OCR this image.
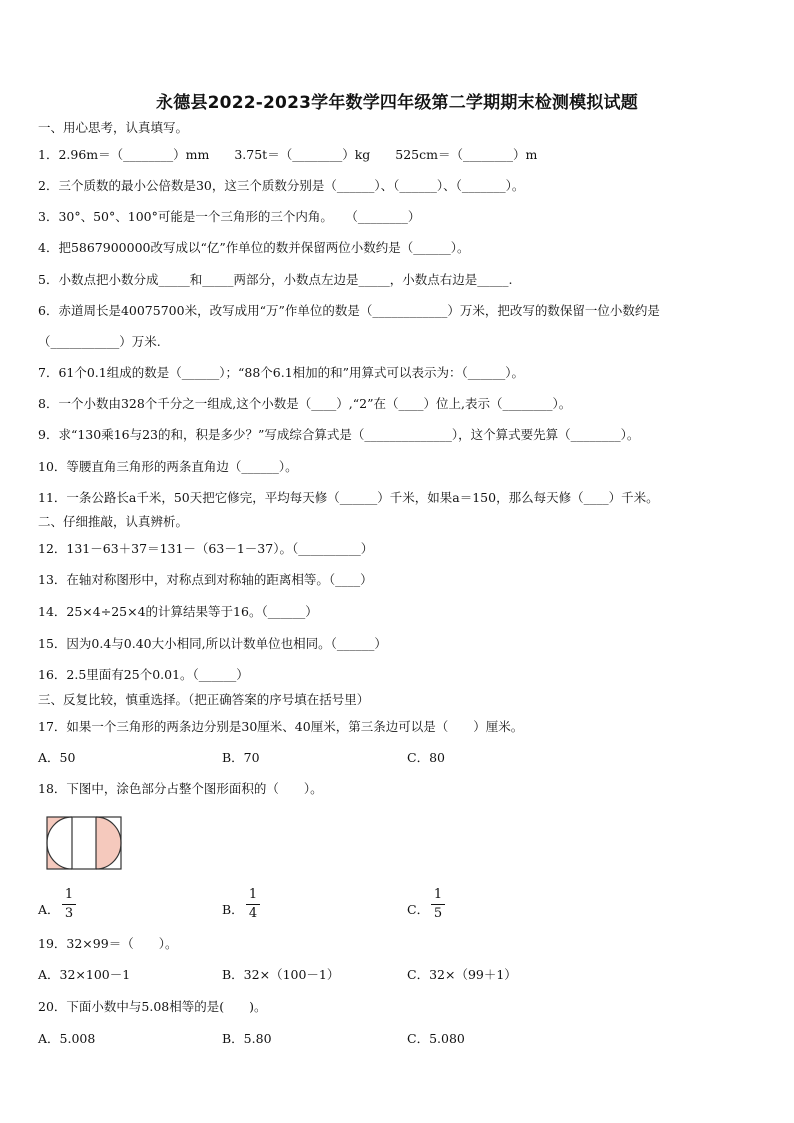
永德县2022-2023学年数学四年级第二学期期末检测模拟试题
一、用心思考，认真填写。
1．2.96m＝（________）mm　　3.75t＝（________）kg　　525cm＝（________）m
2．三个质数的最小公倍数是30，这三个质数分别是（______）、（______）、（_______）。
3．30°、50°、100°可能是一个三角形的三个内角。　　（________）
4．把5867900000改写成以“亿”作单位的数并保留两位小数约是（______）。
5．小数点把小数分成_____和_____两部分，小数点左边是_____，小数点右边是_____.
6．赤道周长是40075700米，改写成用“万”作单位的数是（____________）万米，把改写的数保留一位小数约是
（___________）万米.
7．61个0.1组成的数是（______）；“88个6.1相加的和”用算式可以表示为：（______）。
8．一个小数由328个千分之一组成,这个小数是（____）,“2”在（____）位上,表示（________）。
9．求“130乘16与23的和，积是多少？”写成综合算式是（______________），这个算式要先算（________）。
10．等腰直角三角形的两条直角边（______）。
11．一条公路长a千米，50天把它修完，平均每天修（______）千米，如果a＝150，那么每天修（____）千米。
二、仔细推敲，认真辨析。
12．131－63＋37＝131－（63－1－37）。（__________）
13．在轴对称图形中，对称点到对称轴的距离相等。（____）
14．25×4÷25×4的计算结果等于16。（______）
15．因为0.4与0.40大小相同,所以计数单位也相同。（______）
16．2.5里面有25个0.01。（______）
三、反复比较，慎重选择。（把正确答案的序号填在括号里）
17．如果一个三角形的两条边分别是30厘米、40厘米，第三条边可以是（　　）厘米。
A．50	B．70	C．80
18．下图中，涂色部分占整个图形面积的（　　）。
A．
1
3	B．
1
4	C．
1
5
19．32×99＝（　　）。
A．32×100－1	B．32×（100－1）	C．32×（99＋1）
20．下面小数中与5.08相等的是(　　)。
A．5.008	B．5.80	C．5.080
